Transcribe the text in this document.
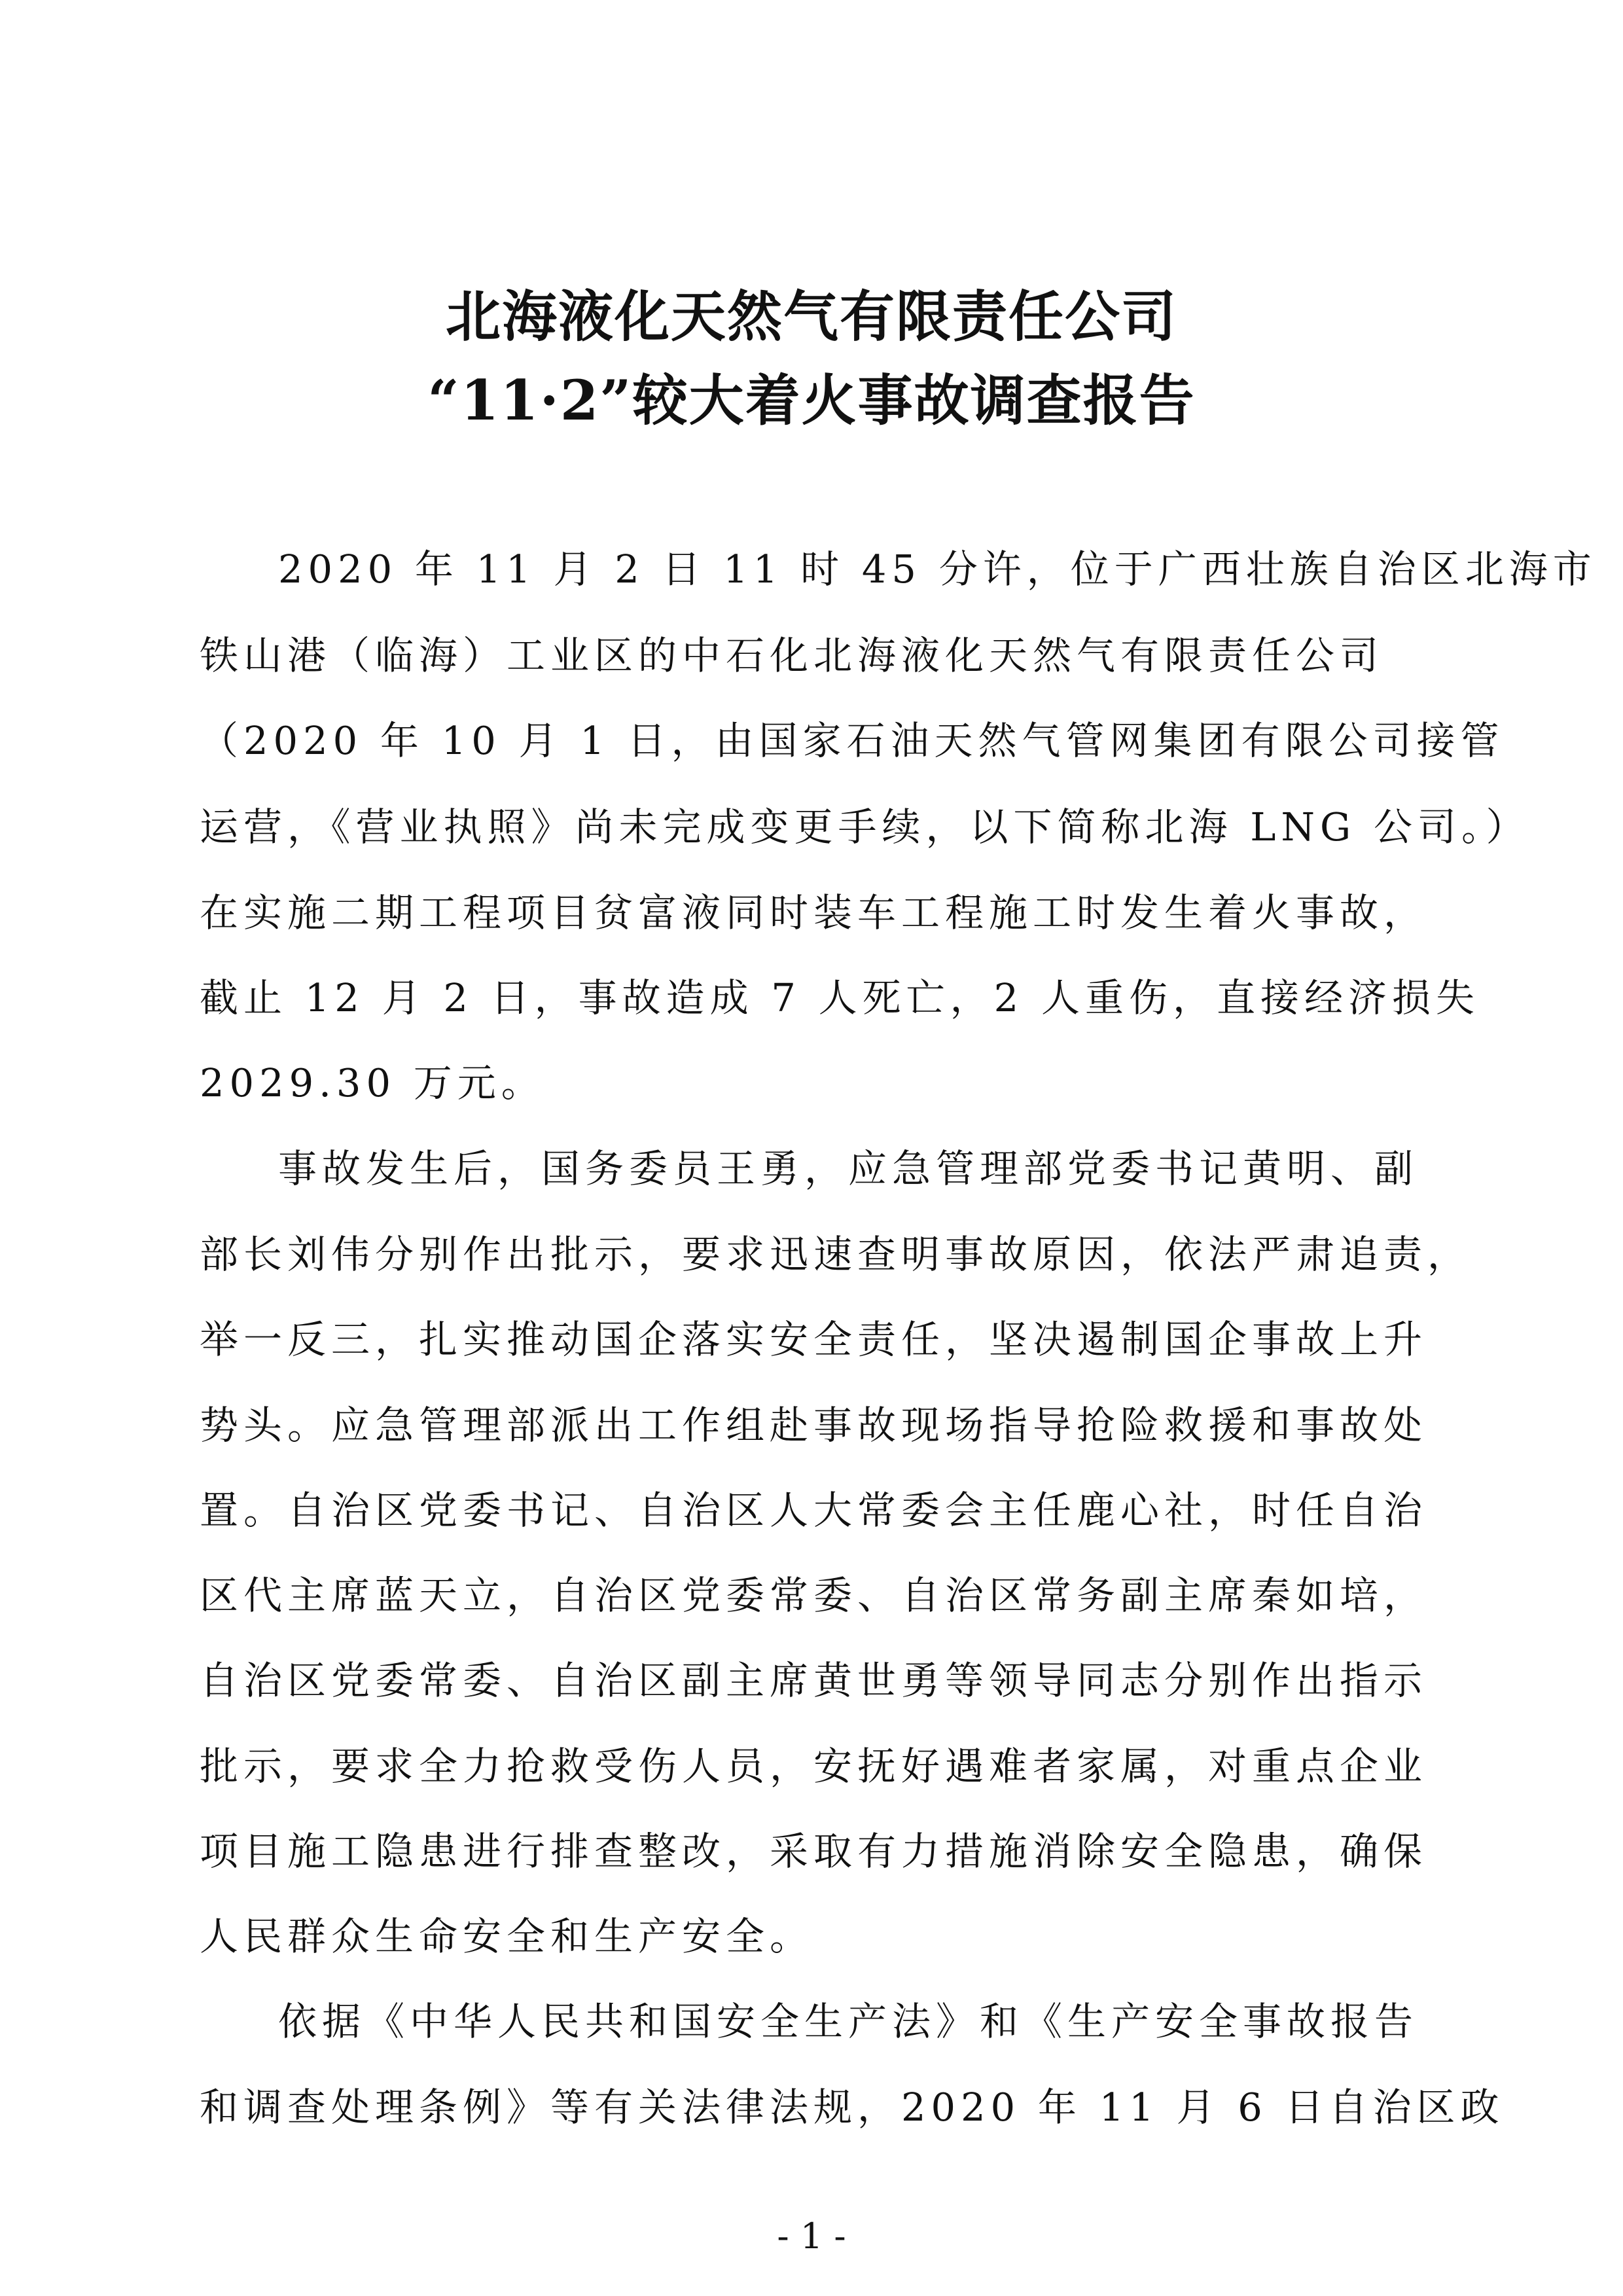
北海液化天然气有限责任公司
“11·2”较大着火事故调查报告
2020 年 11 月 2 日 11 时 45 分许，位于广西壮族自治区北海市
铁山港（临海）工业区的中石化北海液化天然气有限责任公司
（2020 年 10 月 1 日，由国家石油天然气管网集团有限公司接管
运营，《营业执照》尚未完成变更手续，以下简称北海 LNG 公司。）
在实施二期工程项目贫富液同时装车工程施工时发生着火事故，
截止 12 月 2 日，事故造成 7 人死亡，2 人重伤，直接经济损失
2029.30 万元。
事故发生后，国务委员王勇，应急管理部党委书记黄明、副
部长刘伟分别作出批示，要求迅速查明事故原因，依法严肃追责，
举一反三，扎实推动国企落实安全责任，坚决遏制国企事故上升
势头。应急管理部派出工作组赴事故现场指导抢险救援和事故处
置。自治区党委书记、自治区人大常委会主任鹿心社，时任自治
区代主席蓝天立，自治区党委常委、自治区常务副主席秦如培，
自治区党委常委、自治区副主席黄世勇等领导同志分别作出指示
批示，要求全力抢救受伤人员，安抚好遇难者家属，对重点企业
项目施工隐患进行排查整改，采取有力措施消除安全隐患，确保
人民群众生命安全和生产安全。
依据《中华人民共和国安全生产法》和《生产安全事故报告
和调查处理条例》等有关法律法规，2020 年 11 月 6 日自治区政
- 1 -
